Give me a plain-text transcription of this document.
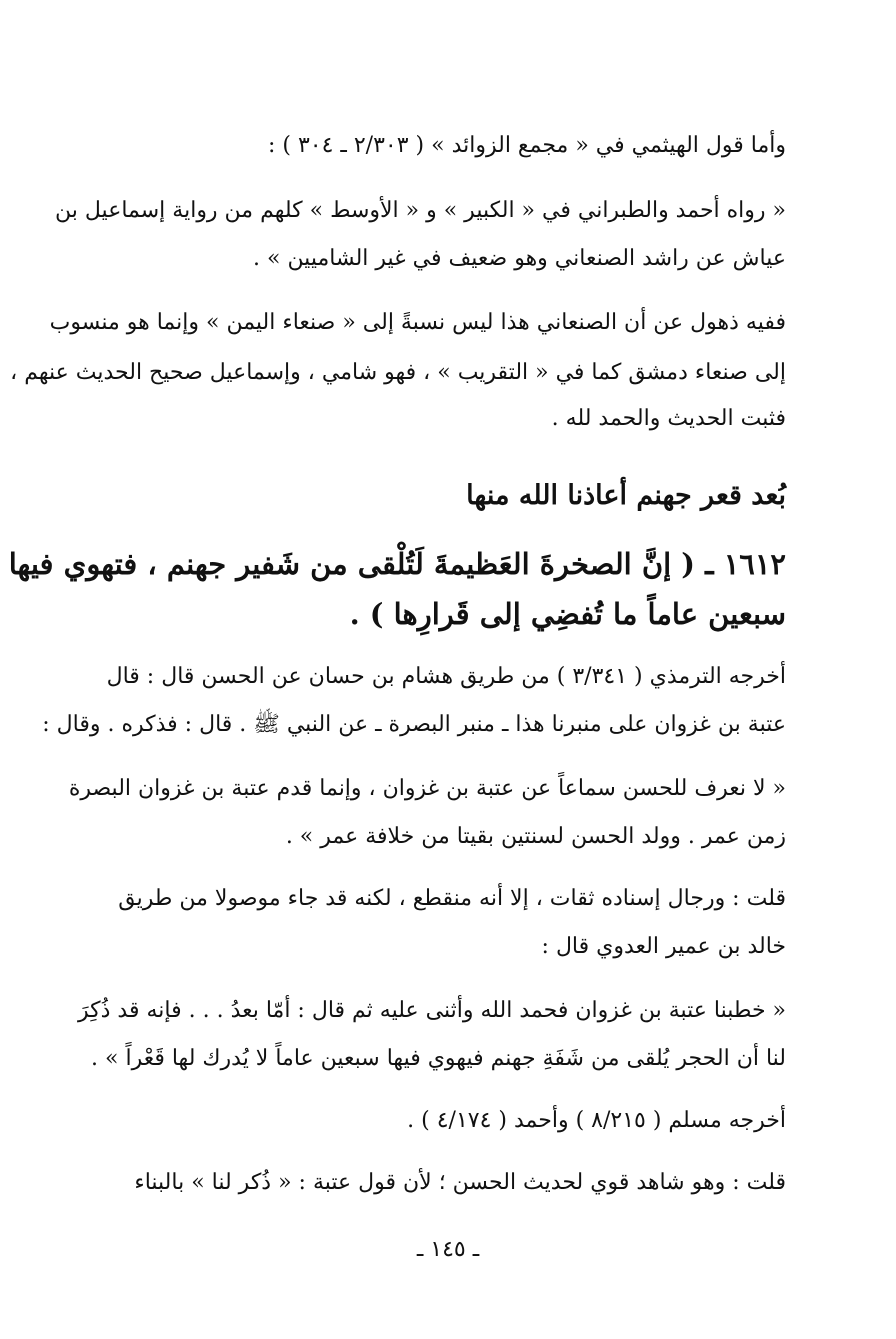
وأما قول الهيثمي في « مجمع الزوائد » ( ٢/٣٠٣ ـ ٣٠٤ ) :
« رواه أحمد والطبراني في « الكبير » و « الأوسط » كلهم من رواية إسماعيل بن
عياش عن راشد الصنعاني وهو ضعيف في غير الشاميين » .
ففيه ذهول عن أن الصنعاني هذا ليس نسبةً إلى « صنعاء اليمن » وإنما هو منسوب
إلى صنعاء دمشق كما في « التقريب » ، فهو شامي ، وإسماعيل صحيح الحديث عنهم ،
فثبت الحديث والحمد لله .
بُعد قعر جهنم أعاذنا الله منها
١٦١٢ ـ ( إنَّ الصخرةَ العَظيمةَ لَتُلْقى من شَفير جهنم ، فتهوي فيها
سبعين عاماً ما تُفضِي إلى قَرارِها ) .
أخرجه الترمذي ( ٣/٣٤١ ) من طريق هشام بن حسان عن الحسن قال : قال
عتبة بن غزوان على منبرنا هذا ـ منبر البصرة ـ عن النبي ﷺ . قال : فذكره . وقال :
« لا نعرف للحسن سماعاً عن عتبة بن غزوان ، وإنما قدم عتبة بن غزوان البصرة
زمن عمر . وولد الحسن لسنتين بقيتا من خلافة عمر » .
قلت : ورجال إسناده ثقات ، إلا أنه منقطع ، لكنه قد جاء موصولا من طريق
خالد بن عمير العدوي قال :
« خطبنا عتبة بن غزوان فحمد الله وأثنى عليه ثم قال : أمّا بعدُ . . . فإنه قد ذُكِرَ
لنا أن الحجر يُلقى من شَفَةِ جهنم فيهوي فيها سبعين عاماً لا يُدرك لها قَعْراً » .
أخرجه مسلم ( ٨/٢١٥ ) وأحمد ( ٤/١٧٤ ) .
قلت : وهو شاهد قوي لحديث الحسن ؛ لأن قول عتبة : « ذُكر لنا » بالبناء
ـ ١٤٥ ـ
